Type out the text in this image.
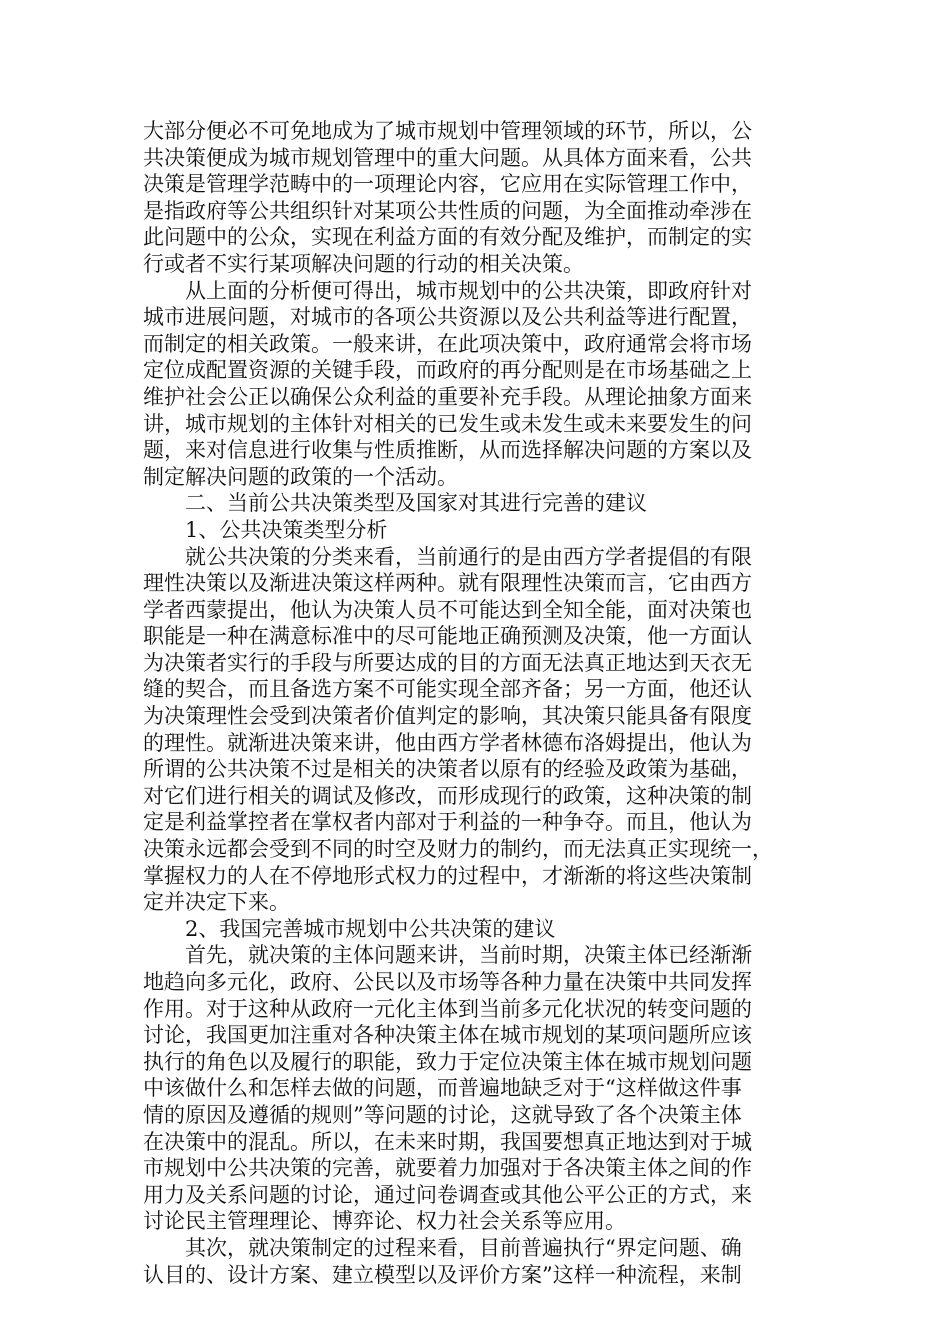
大部分便必不可免地成为了城市规划中管理领域的环节，所以，公
共决策便成为城市规划管理中的重大问题。从具体方面来看，公共
决策是管理学范畴中的一项理论内容，它应用在实际管理工作中，
是指政府等公共组织针对某项公共性质的问题，为全面推动牵涉在
此问题中的公众，实现在利益方面的有效分配及维护，而制定的实
行或者不实行某项解决问题的行动的相关决策。
从上面的分析便可得出，城市规划中的公共决策，即政府针对
城市进展问题，对城市的各项公共资源以及公共利益等进行配置，
而制定的相关政策。一般来讲，在此项决策中，政府通常会将市场
定位成配置资源的关键手段，而政府的再分配则是在市场基础之上
维护社会公正以确保公众利益的重要补充手段。从理论抽象方面来
讲，城市规划的主体针对相关的已发生或未发生或未来要发生的问
题，来对信息进行收集与性质推断，从而选择解决问题的方案以及
制定解决问题的政策的一个活动。
二、当前公共决策类型及国家对其进行完善的建议
1、公共决策类型分析
就公共决策的分类来看，当前通行的是由西方学者提倡的有限
理性决策以及渐进决策这样两种。就有限理性决策而言，它由西方
学者西蒙提出，他认为决策人员不可能达到全知全能，面对决策也
职能是一种在满意标准中的尽可能地正确预测及决策，他一方面认
为决策者实行的手段与所要达成的目的方面无法真正地达到天衣无
缝的契合，而且备选方案不可能实现全部齐备；另一方面，他还认
为决策理性会受到决策者价值判定的影响，其决策只能具备有限度
的理性。就渐进决策来讲，他由西方学者林德布洛姆提出，他认为
所谓的公共决策不过是相关的决策者以原有的经验及政策为基础，
对它们进行相关的调试及修改，而形成现行的政策，这种决策的制
定是利益掌控者在掌权者内部对于利益的一种争夺。而且，他认为
决策永远都会受到不同的时空及财力的制约，而无法真正实现统一，
掌握权力的人在不停地形式权力的过程中，才渐渐的将这些决策制
定并决定下来。
2、我国完善城市规划中公共决策的建议
首先，就决策的主体问题来讲，当前时期，决策主体已经渐渐
地趋向多元化，政府、公民以及市场等各种力量在决策中共同发挥
作用。对于这种从政府一元化主体到当前多元化状况的转变问题的
讨论，我国更加注重对各种决策主体在城市规划的某项问题所应该
执行的角色以及履行的职能，致力于定位决策主体在城市规划问题
中该做什么和怎样去做的问题，而普遍地缺乏对于“这样做这件事
情的原因及遵循的规则”等问题的讨论，这就导致了各个决策主体
在决策中的混乱。所以，在未来时期，我国要想真正地达到对于城
市规划中公共决策的完善，就要着力加强对于各决策主体之间的作
用力及关系问题的讨论，通过问卷调查或其他公平公正的方式，来
讨论民主管理理论、博弈论、权力社会关系等应用。
其次，就决策制定的过程来看，目前普遍执行“界定问题、确
认目的、设计方案、建立模型以及评价方案”这样一种流程，来制
